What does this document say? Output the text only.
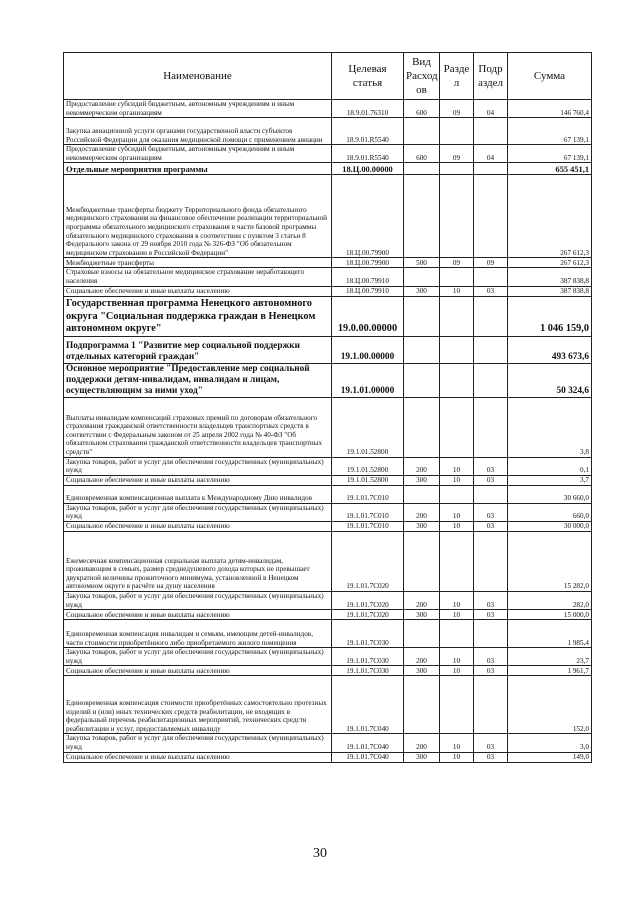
Наименование	Целевая статья	Вид Расход ов	Разде л	Подр аздел	Сумма
Предоставление субсидий бюджетным, автономным учреждениям и иным некоммерческим организациям	18.9.01.76310	600	09	04	146 760,4
Закупка авиационной услуги органами государственной власти субъектов Российской Федерации для оказания медицинской помощи с применением авиации	18.9.01.R5540				67 139,1
Предоставление субсидий бюджетным, автономным учреждениям и иным некоммерческим организациям	18.9.01.R5540	600	09	04	67 139,1
Отдельные мероприятия программы	18.Ц.00.00000				655 451,1
Межбюджетные трансферты бюджету Территориального фонда обязательного медицинского страхования на финансовое обеспечение реализации территориальной программы обязательного медицинского страхования в части базовой программы обязательного медицинского страхования в соответствии с пунктом 3 статьи 8 Федерального закона от 29 ноября 2010 года № 326-ФЗ "Об обязательном медицинском страховании в Российской Федерации"	18.Ц.00.79900				267 612,3
Межбюджетные трансферты	18.Ц.00.79900	500	09	09	267 612,3
Страховые взносы на обязательное медицинское страхование неработающего населения	18.Ц.00.79910				387 838,8
Социальное обеспечение и иные выплаты населению	18.Ц.00.79910	300	10	03	387 838,8
Государственная программа Ненецкого автономного округа "Социальная поддержка граждан в Ненецком автономном округе"	19.0.00.00000				1 046 159,0
Подпрограмма 1 "Развитие мер социальной поддержки отдельных категорий граждан"	19.1.00.00000				493 673,6
Основное мероприятие "Предоставление мер социальной поддержки детям-инвалидам, инвалидам и лицам, осуществляющим за ними уход"	19.1.01.00000				50 324,6
Выплаты инвалидам компенсаций страховых премий по договорам обязательного страхования гражданской ответственности владельцев транспортных средств в соответствии с Федеральным законом от 25 апреля 2002 года № 40-ФЗ "Об обязательном страховании гражданской ответственности владельцев транспортных средств"	19.1.01.52800				3,8
Закупка товаров, работ и услуг для обеспечения государственных (муниципальных) нужд	19.1.01.52800	200	10	03	0,1
Социальное обеспечение и иные выплаты населению	19.1.01.52800	300	10	03	3,7
Единовременная компенсационная выплата к Международному Дню инвалидов	19.1.01.7С010				30 660,0
Закупка товаров, работ и услуг для обеспечения государственных (муниципальных) нужд	19.1.01.7С010	200	10	03	660,0
Социальное обеспечение и иные выплаты населению	19.1.01.7С010	300	10	03	30 000,0
Ежемесячная компенсационная социальная выплата детям-инвалидам, проживающим в семьях, размер среднедушевого дохода которых не превышает двукратной величины прожиточного минимума, установленной в Ненецком автономном округе в расчёте на душу населения	19.1.01.7С020				15 282,0
Закупка товаров, работ и услуг для обеспечения государственных (муниципальных) нужд	19.1.01.7С020	200	10	03	282,0
Социальное обеспечение и иные выплаты населению	19.1.01.7С020	300	10	03	15 000,0
Единовременная компенсация инвалидам и семьям, имеющим детей-инвалидов, части стоимости приобретённого либо приобретаемого жилого помещения	19.1.01.7С030				1 985,4
Закупка товаров, работ и услуг для обеспечения государственных (муниципальных) нужд	19.1.01.7С030	200	10	03	23,7
Социальное обеспечение и иные выплаты населению	19.1.01.7С030	300	10	03	1 961,7
Единовременная компенсация стоимости приобретённых самостоятельно протезных изделий и (или) иных технических средств реабилитации, не входящих в федеральный перечень реабилитационных мероприятий, технических средств реабилитации и услуг, предоставляемых инвалиду	19.1.01.7С040				152,0
Закупка товаров, работ и услуг для обеспечения государственных (муниципальных) нужд	19.1.01.7С040	200	10	03	3,0
Социальное обеспечение и иные выплаты населению	19.1.01.7С040	300	10	03	149,0
30
